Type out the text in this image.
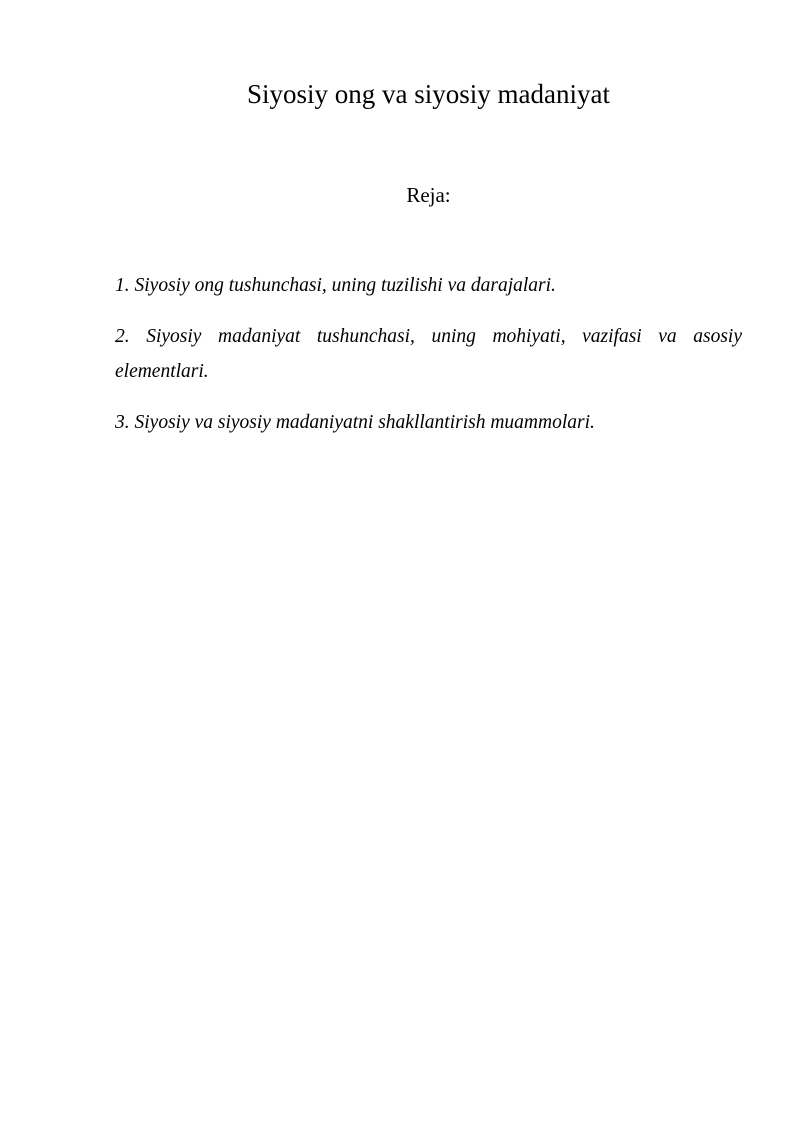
Siyosiy ong va siyosiy madaniyat
Reja:
1. Siyosiy ong tushunchasi, uning tuzilishi va darajalari.
2. Siyosiy madaniyat tushunchasi, uning mohiyati, vazifasi va asosiy elementlari.
3. Siyosiy va siyosiy madaniyatni shakllantirish muammolari.
